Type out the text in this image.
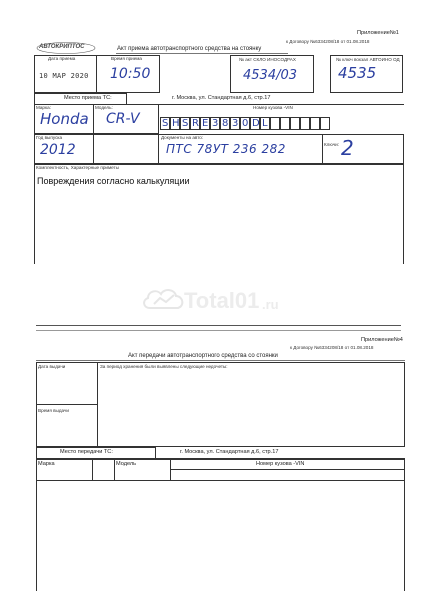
Приложение№1
к Договору №6334208/18 от 01.08.2018
АВТОКРИПТОС	Акт приема автотранспортного средства на стоянку
Дата приема	Время приема	№ акт СКЛО ИНОСОДРАХ	№ ключ вокзал АВТОИНО ОД
10 MAP 2020 10:50	4534/03	4535
Место приема ТС:	г. Москва, ул. Стандартная д.6, стр.17
Марка:	Модель:	Номер кузова -VIN
Honda CR-V S H S R E 3 8 3 0 D L
Год выпуска	Документы на авто:
Ключи:
2012	ПТС 78УТ 236 282	2
Комплектность, Характерные приметы
Повреждения согласно калькуляции
Total01 .ru
Приложение№4
к Договору №6334208/18 от 01.08.2018
Акт передачи автотранспортного средства со стоянки
Дата выдачи
Время выдачи
За период хранения были выявлены следующие недочеты:
Место передачи ТС:	г. Москва, ул. Стандартная д.6, стр.17
Марка	Модель	Номер кузова -VIN
